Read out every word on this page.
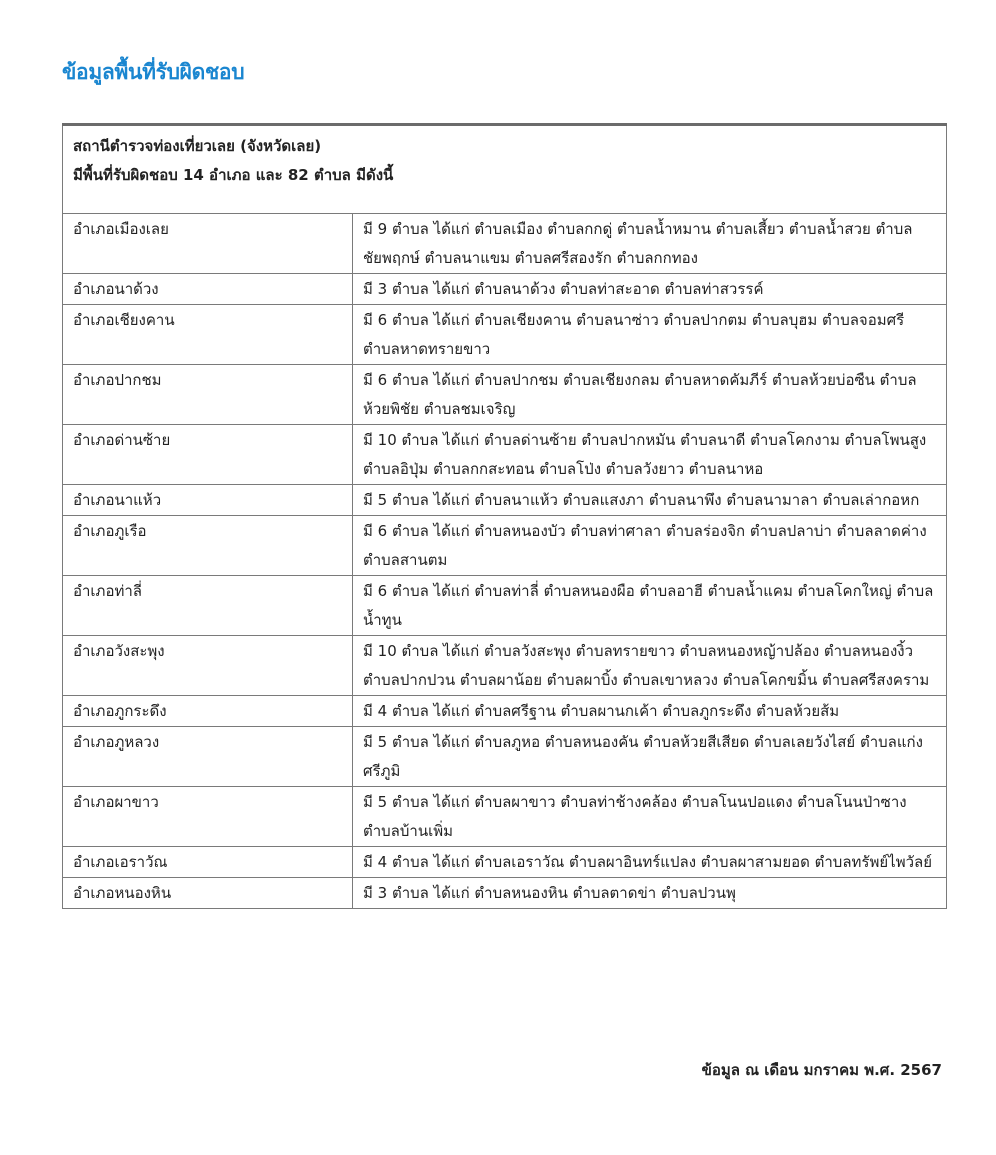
ข้อมูลพื้นที่รับผิดชอบ
สถานีตำรวจท่องเที่ยวเลย (จังหวัดเลย)
มีพื้นที่รับผิดชอบ 14 อำเภอ และ 82 ตำบล มีดังนี้	

อำเภอเมืองเลย	มี 9 ตำบล ได้แก่ ตำบลเมือง ตำบลกกดู่ ตำบลน้ำหมาน ตำบลเสี้ยว ตำบลน้ำสวย ตำบลชัยพฤกษ์ ตำบลนาแขม ตำบลศรีสองรัก ตำบลกกทอง
อำเภอนาด้วง	มี 3 ตำบล ได้แก่ ตำบลนาด้วง ตำบลท่าสะอาด ตำบลท่าสวรรค์
อำเภอเชียงคาน	มี 6 ตำบล ได้แก่ ตำบลเชียงคาน ตำบลนาซ่าว ตำบลปากตม ตำบลบุฮม ตำบลจอมศรี ตำบลหาดทรายขาว
อำเภอปากชม	มี 6 ตำบล ได้แก่ ตำบลปากชม ตำบลเชียงกลม ตำบลหาดคัมภีร์ ตำบลห้วยบ่อซืน ตำบลห้วยพิชัย ตำบลชมเจริญ
อำเภอด่านซ้าย	มี 10 ตำบล ได้แก่ ตำบลด่านซ้าย ตำบลปากหมัน ตำบลนาดี ตำบลโคกงาม ตำบลโพนสูง ตำบลอิปุ่ม ตำบลกกสะทอน ตำบลโป่ง ตำบลวังยาว ตำบลนาหอ
อำเภอนาแห้ว	มี 5 ตำบล ได้แก่ ตำบลนาแห้ว ตำบลแสงภา ตำบลนาพึง ตำบลนามาลา ตำบลเล่ากอหก
อำเภอภูเรือ	มี 6 ตำบล ได้แก่ ตำบลหนองบัว ตำบลท่าศาลา ตำบลร่องจิก ตำบลปลาบ่า ตำบลลาดค่าง ตำบลสานตม
อำเภอท่าลี่	มี 6 ตำบล ได้แก่ ตำบลท่าลี่ ตำบลหนองผือ ตำบลอาฮี ตำบลน้ำแคม ตำบลโคกใหญ่ ตำบลน้ำทูน
อำเภอวังสะพุง	มี 10 ตำบล ได้แก่ ตำบลวังสะพุง ตำบลทรายขาว ตำบลหนองหญ้าปล้อง ตำบลหนองงิ้ว ตำบลปากปวน ตำบลผาน้อย ตำบลผาบิ้ง ตำบลเขาหลวง ตำบลโคกขมิ้น ตำบลศรีสงคราม
อำเภอภูกระดึง	มี 4 ตำบล ได้แก่ ตำบลศรีฐาน ตำบลผานกเค้า ตำบลภูกระดึง ตำบลห้วยส้ม
อำเภอภูหลวง	มี 5 ตำบล ได้แก่ ตำบลภูหอ ตำบลหนองคัน ตำบลห้วยสีเสียด ตำบลเลยวังไสย์ ตำบลแก่งศรีภูมิ
อำเภอผาขาว	มี 5 ตำบล ได้แก่ ตำบลผาขาว ตำบลท่าช้างคล้อง ตำบลโนนปอแดง ตำบลโนนป่าซาง ตำบลบ้านเพิ่ม
อำเภอเอราวัณ	มี 4 ตำบล ได้แก่ ตำบลเอราวัณ ตำบลผาอินทร์แปลง ตำบลผาสามยอด ตำบลทรัพย์ไพวัลย์
อำเภอหนองหิน	มี 3 ตำบล ได้แก่ ตำบลหนองหิน ตำบลตาดข่า ตำบลปวนพุ
ข้อมูล ณ เดือน มกราคม พ.ศ. 2567
